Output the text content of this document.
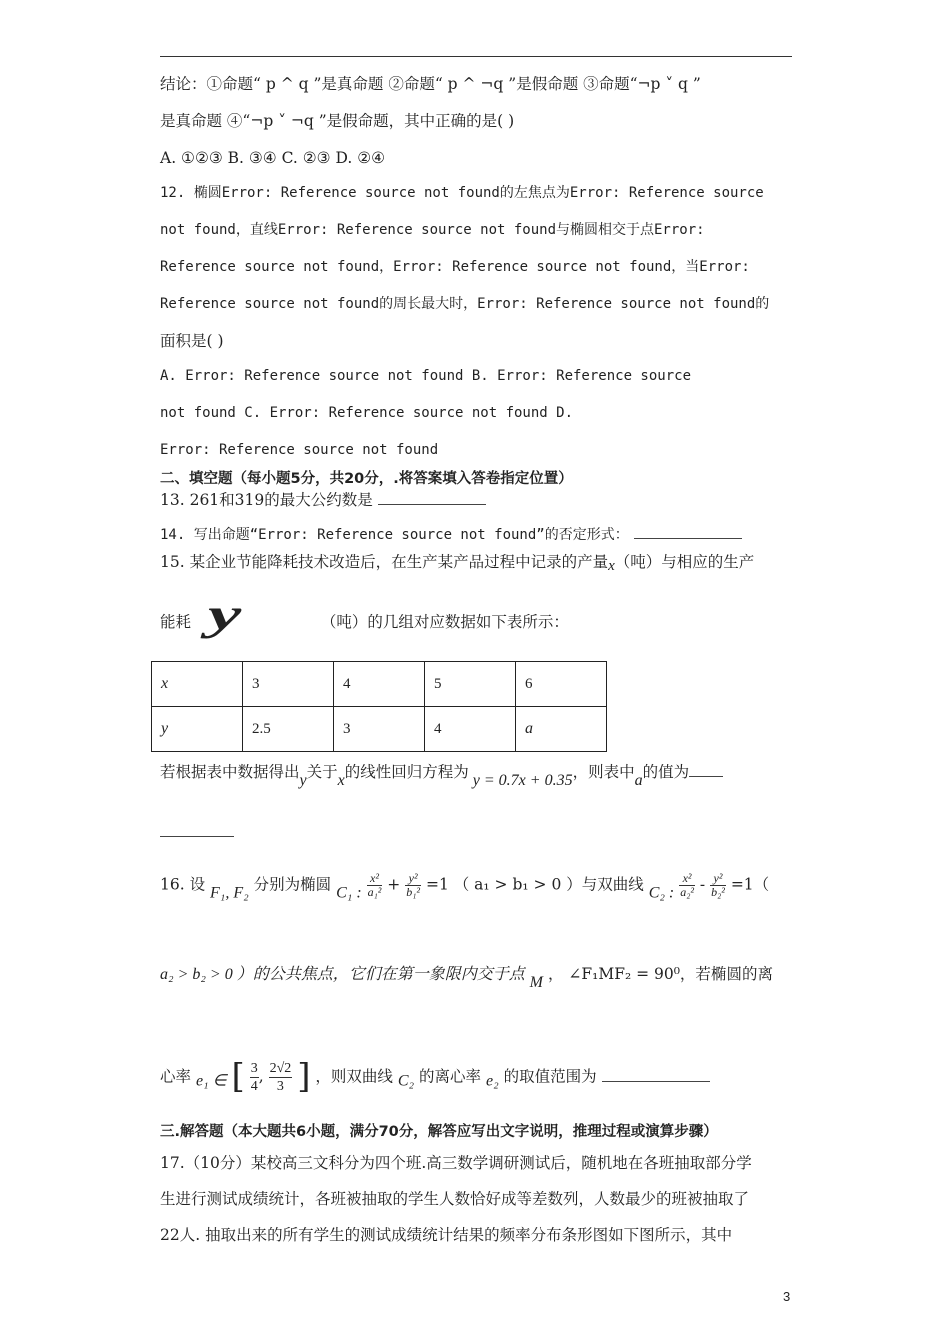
结论：①命题“ p ^ q ”是真命题 ②命题“ p ^ ¬q ”是假命题 ③命题“¬p ˅ q ”
是真命题 ④“¬p ˅ ¬q ”是假命题，其中正确的是( )
A. ①②③ B. ③④ C. ②③ D. ②④
12. 椭圆Error: Reference source not found的左焦点为Error: Reference source
not found，直线Error: Reference source not found与椭圆相交于点Error:
Reference source not found，Error: Reference source not found，当Error:
Reference source not found的周长最大时，Error: Reference source not found的
面积是( )
A. Error: Reference source not found B. Error: Reference source
not found C. Error: Reference source not found D.
Error: Reference source not found
二、填空题（每小题5分，共20分，.将答案填入答卷指定位置）
13. 261和319的最大公约数是
14. 写出命题“Error: Reference source not found”的否定形式：
15. 某企业节能降耗技术改造后，在生产某产品过程中记录的产量x（吨）与相应的生产
能耗 y	（吨）的几组对应数据如下表所示：
x	3	4	5	6
y	2.5	3	4	a
若根据表中数据得出y关于x的线性回归方程为 y = 0.7x + 0.35，则表中a的值为
16. 设 F₁, F₂ 分别为椭圆 C₁ : $\frac{\text{x²}}{\text{a₁²}} + \frac{\text{y²}}{\text{b₁²}} =1$ （ a₁ > b₁ > 0 ）与双曲线 C₂ : $\frac{\text{x²}}{\text{a₂²}} - \frac{\text{y²}}{\text{b₂²}} =1$（
a₂ > b₂ > 0 ）的公共焦点，它们在第一象限内交于点 M ， ∠F₁MF₂ = 90⁰，若椭圆的离
心率 e₁ ∈ [ $\frac{3}{4}$ , $\frac{2√2}{3}$ ] ，则双曲线 C₂ 的离心率 e₂ 的取值范围为
三.解答题（本大题共6小题，满分70分，解答应写出文字说明，推理过程或演算步骤）
17.（10分）某校高三文科分为四个班.高三数学调研测试后，随机地在各班抽取部分学
生进行测试成绩统计，各班被抽取的学生人数恰好成等差数列，人数最少的班被抽取了
22人. 抽取出来的所有学生的测试成绩统计结果的频率分布条形图如下图所示，其中
3
